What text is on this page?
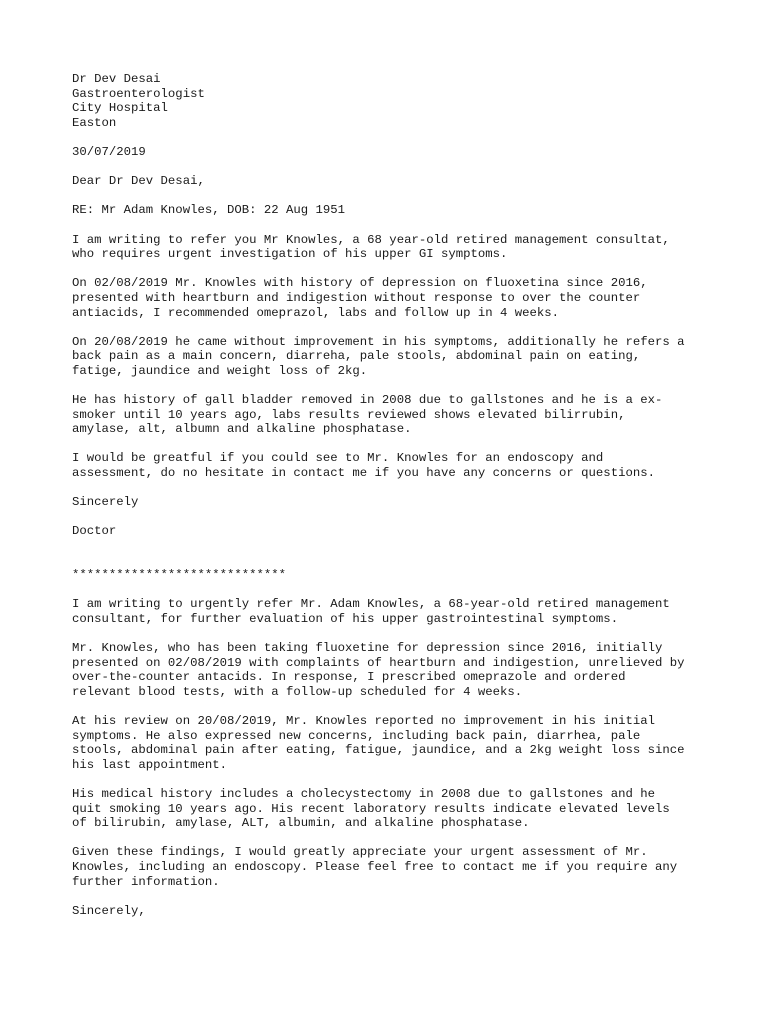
Dr Dev Desai
Gastroenterologist
City Hospital
Easton
30/07/2019
Dear Dr Dev Desai,
RE: Mr Adam Knowles, DOB: 22 Aug 1951
I am writing to refer you Mr Knowles, a 68 year-old retired management consultat,
who requires urgent investigation of his upper GI symptoms.
On 02/08/2019 Mr. Knowles with history of depression on fluoxetina since 2016,
presented with heartburn and indigestion without response to over the counter
antiacids, I recommended omeprazol, labs and follow up in 4 weeks.
On 20/08/2019 he came without improvement in his symptoms, additionally he refers a
back pain as a main concern, diarreha, pale stools, abdominal pain on eating,
fatige, jaundice and weight loss of 2kg.
He has history of gall bladder removed in 2008 due to gallstones and he is a ex-
smoker until 10 years ago, labs results reviewed shows elevated bilirrubin,
amylase, alt, albumn and alkaline phosphatase.
I would be greatful if you could see to Mr. Knowles for an endoscopy and
assessment, do no hesitate in contact me if you have any concerns or questions.
Sincerely
Doctor
*****************************
I am writing to urgently refer Mr. Adam Knowles, a 68-year-old retired management
consultant, for further evaluation of his upper gastrointestinal symptoms.
Mr. Knowles, who has been taking fluoxetine for depression since 2016, initially
presented on 02/08/2019 with complaints of heartburn and indigestion, unrelieved by
over-the-counter antacids. In response, I prescribed omeprazole and ordered
relevant blood tests, with a follow-up scheduled for 4 weeks.
At his review on 20/08/2019, Mr. Knowles reported no improvement in his initial
symptoms. He also expressed new concerns, including back pain, diarrhea, pale
stools, abdominal pain after eating, fatigue, jaundice, and a 2kg weight loss since
his last appointment.
His medical history includes a cholecystectomy in 2008 due to gallstones and he
quit smoking 10 years ago. His recent laboratory results indicate elevated levels
of bilirubin, amylase, ALT, albumin, and alkaline phosphatase.
Given these findings, I would greatly appreciate your urgent assessment of Mr.
Knowles, including an endoscopy. Please feel free to contact me if you require any
further information.
Sincerely,
